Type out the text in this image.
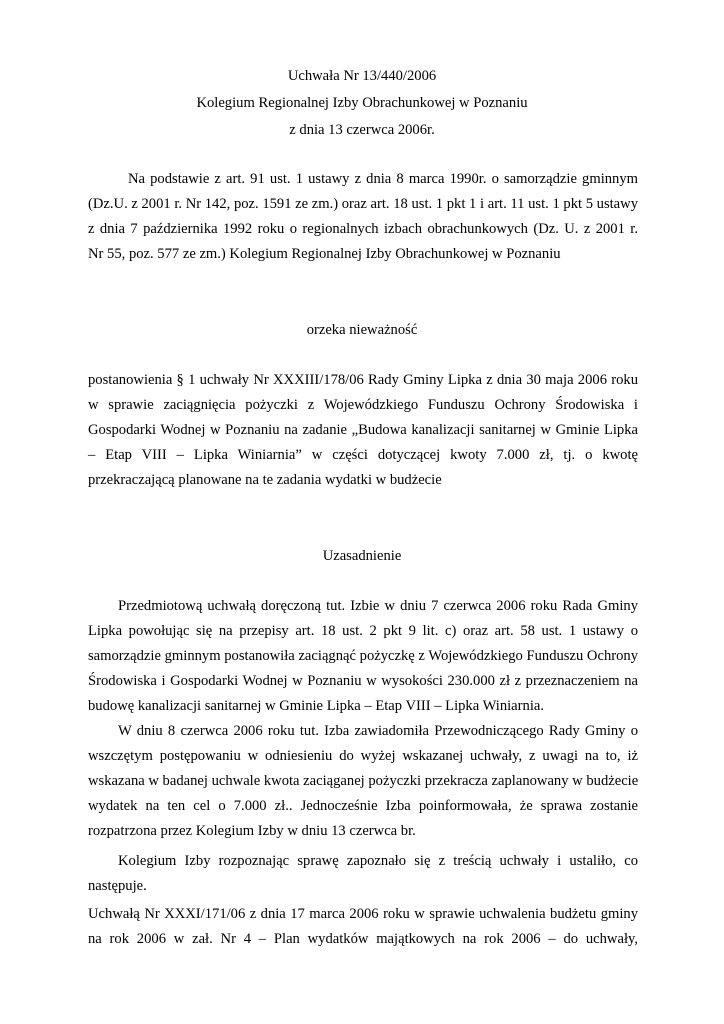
Uchwała Nr 13/440/2006
Kolegium Regionalnej Izby Obrachunkowej w Poznaniu
z dnia 13 czerwca 2006r.
Na podstawie z art. 91 ust. 1 ustawy z dnia 8 marca 1990r. o samorządzie gminnym
(Dz.U. z 2001 r. Nr 142, poz. 1591 ze zm.) oraz art. 18 ust. 1 pkt 1 i art. 11 ust. 1 pkt 5 ustawy
z dnia 7 października 1992 roku o regionalnych izbach obrachunkowych (Dz. U. z 2001 r.
Nr 55, poz. 577 ze zm.) Kolegium Regionalnej Izby Obrachunkowej w Poznaniu
orzeka nieważność
postanowienia § 1 uchwały Nr XXXIII/178/06 Rady Gminy Lipka z dnia 30 maja 2006 roku
w sprawie zaciągnięcia pożyczki z Wojewódzkiego Funduszu Ochrony Środowiska i
Gospodarki Wodnej w Poznaniu na zadanie „Budowa kanalizacji sanitarnej w Gminie Lipka
– Etap VIII – Lipka Winiarnia” w części dotyczącej kwoty 7.000 zł, tj. o kwotę
przekraczającą planowane na te zadania wydatki w budżecie
Uzasadnienie
Przedmiotową uchwałą doręczoną tut. Izbie w dniu 7 czerwca 2006 roku Rada Gminy
Lipka powołując się na przepisy art. 18 ust. 2 pkt 9 lit. c) oraz art. 58 ust. 1 ustawy o
samorządzie gminnym postanowiła zaciągnąć pożyczkę z Wojewódzkiego Funduszu Ochrony
Środowiska i Gospodarki Wodnej w Poznaniu w wysokości 230.000 zł z przeznaczeniem na
budowę kanalizacji sanitarnej w Gminie Lipka – Etap VIII – Lipka Winiarnia.
W dniu 8 czerwca 2006 roku tut. Izba zawiadomiła Przewodniczącego Rady Gminy o
wszczętym postępowaniu w odniesieniu do wyżej wskazanej uchwały, z uwagi na to, iż
wskazana w badanej uchwale kwota zaciąganej pożyczki przekracza zaplanowany w budżecie
wydatek na ten cel o 7.000 zł.. Jednocześnie Izba poinformowała, że sprawa zostanie
rozpatrzona przez Kolegium Izby w dniu 13 czerwca br.
Kolegium Izby rozpoznając sprawę zapoznało się z treścią uchwały i ustaliło, co
następuje.
Uchwałą Nr XXXI/171/06 z dnia 17 marca 2006 roku w sprawie uchwalenia budżetu gminy
na rok 2006 w zał. Nr 4 – Plan wydatków majątkowych na rok 2006 – do uchwały,
